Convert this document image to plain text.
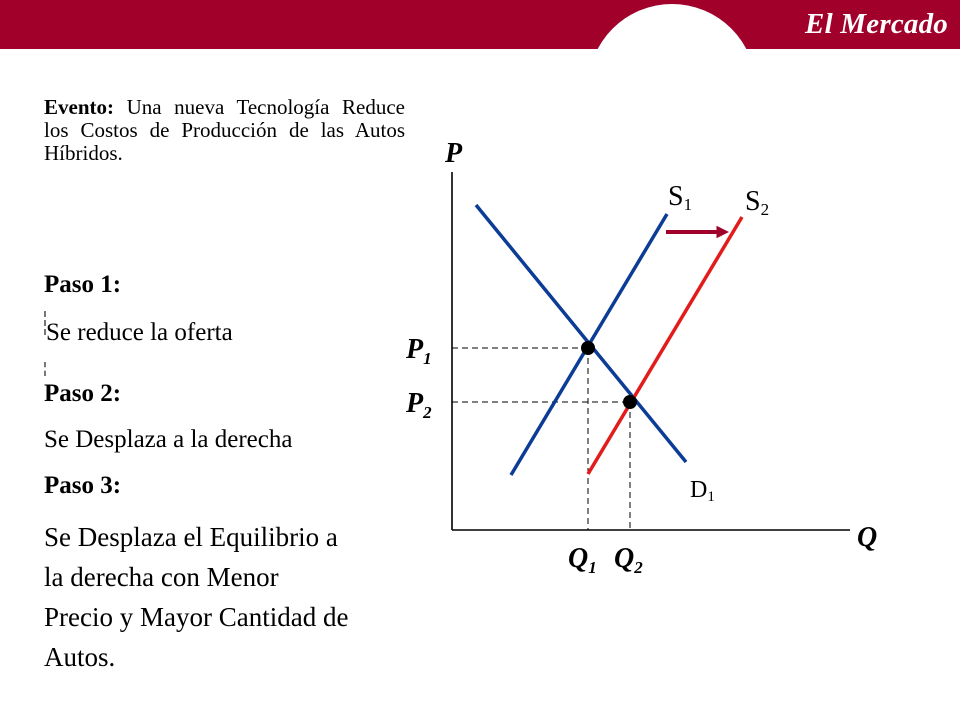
El Mercado
Evento: Una nueva Tecnología Reduce los Costos de Producción de las Autos Híbridos.
Paso 1:
Se reduce la oferta
Paso 2:
Se Desplaza a la derecha
Paso 3:
Se Desplaza el Equilibrio a la derecha con Menor Precio y Mayor Cantidad de Autos.
P
Q
S1 S2
D1
$P_1$
$P_2$
$Q_1$ $Q_2$
